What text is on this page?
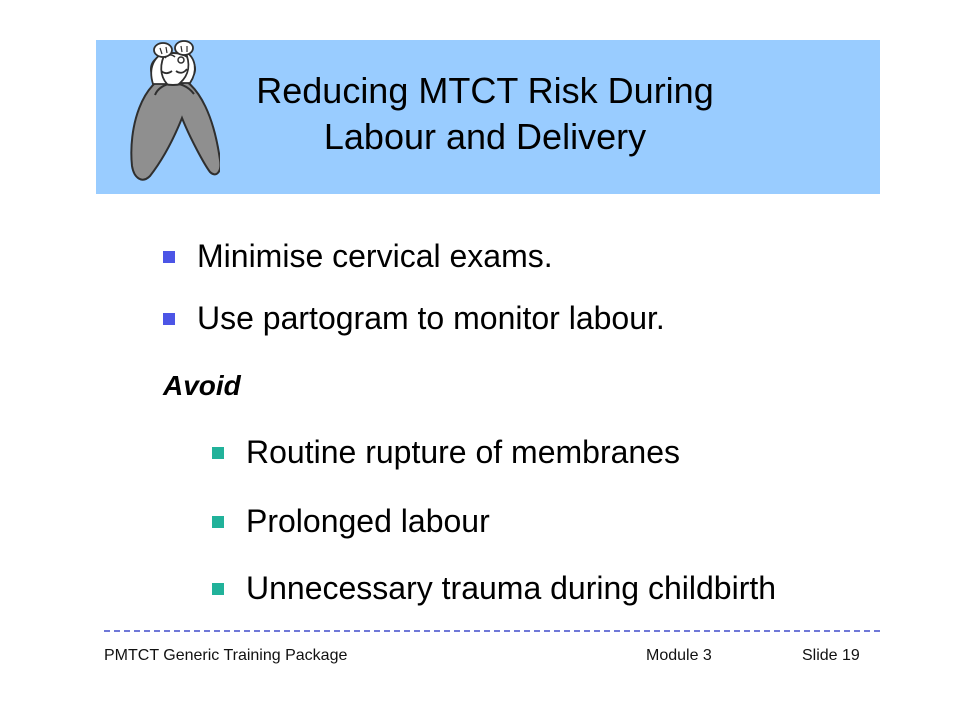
Reducing MTCT Risk During
Labour and Delivery
Minimise cervical exams.
Use partogram to monitor labour.
Avoid
Routine rupture of membranes
Prolonged labour
Unnecessary trauma during childbirth
PMTCT Generic Training Package	Module 3	Slide 19
